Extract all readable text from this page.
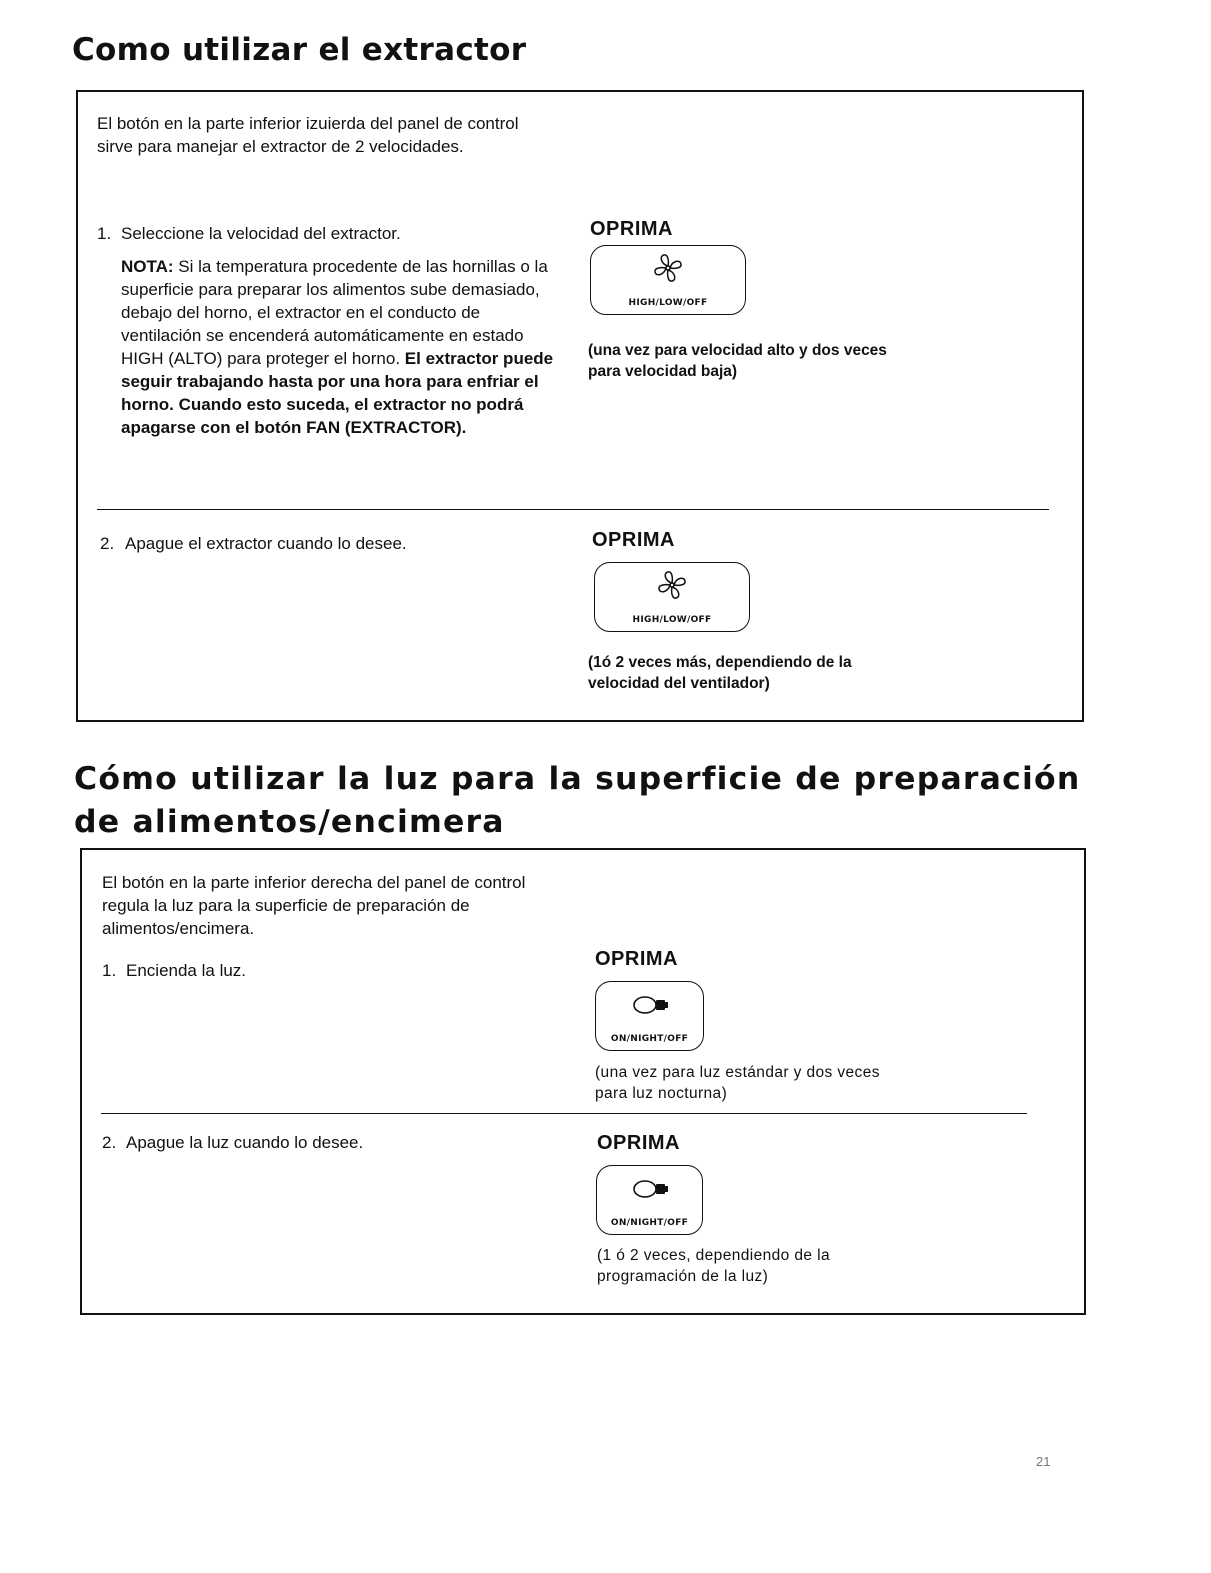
Como utilizar el extractor

El botón en la parte inferior izuierda del panel de control sirve para manejar el extractor de 2 velocidades.

1. Seleccione la velocidad del extractor.

NOTA: Si la temperatura procedente de las hornillas o la superficie para preparar los alimentos sube demasiado, debajo del horno, el extractor en el conducto de ventilación se encenderá automáticamente en estado HIGH (ALTO) para proteger el horno. El extractor puede seguir trabajando hasta por una hora para enfriar el horno. Cuando esto suceda, el extractor no podrá apagarse con el botón FAN (EXTRACTOR).

OPRIMA
HIGH/LOW/OFF
(una vez para velocidad alto y dos veces para velocidad baja)
2. Apague el extractor cuando lo desee.	OPRIMA
HIGH/LOW/OFF
(1ó 2 veces más, dependiendo de la velocidad del ventilador)
Cómo utilizar la luz para la superficie de preparación
de alimentos/encimera

El botón en la parte inferior derecha del panel de control regula la luz para la superficie de preparación de alimentos/encimera.

1. Encienda la luz.
OPRIMA
ON/NIGHT/OFF
(una vez para luz estándar y dos veces para luz nocturna)
2. Apague la luz cuando lo desee.	OPRIMA
ON/NIGHT/OFF
(1 ó 2 veces, dependiendo de la programación de la luz)
21
